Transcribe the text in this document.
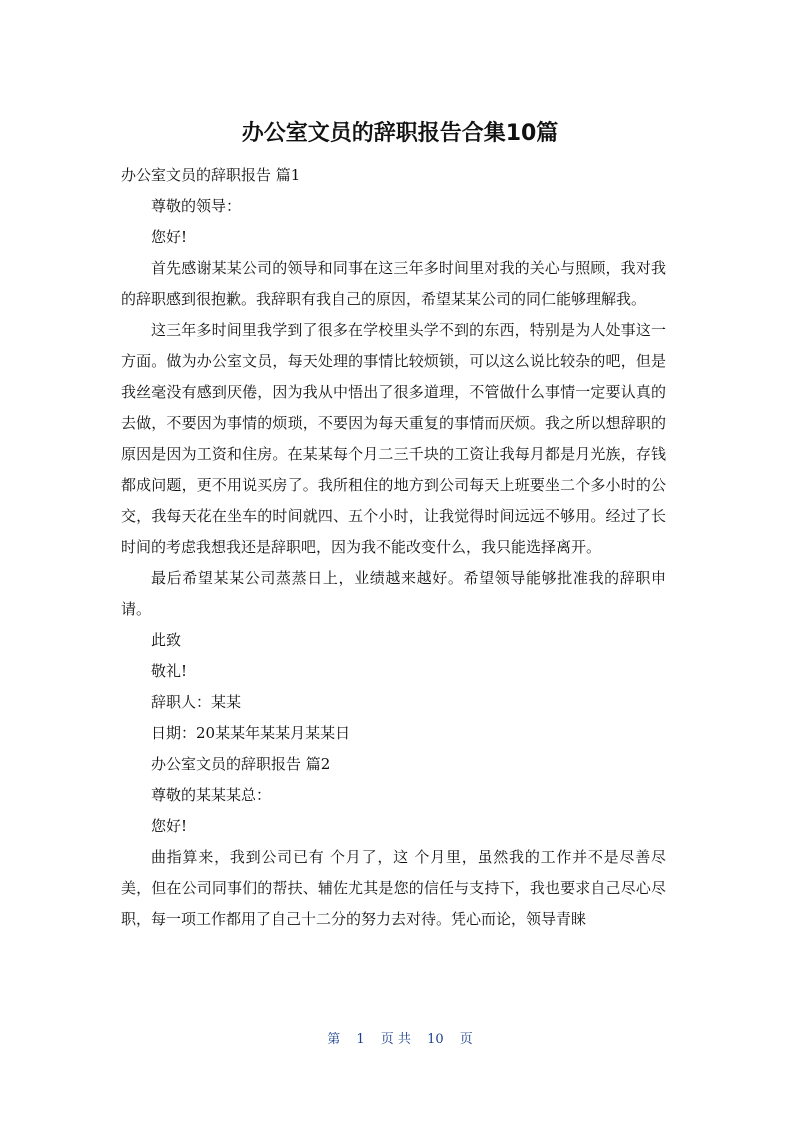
办公室文员的辞职报告合集10篇

办公室文员的辞职报告 篇1

尊敬的领导：

您好!

首先感谢某某公司的领导和同事在这三年多时间里对我的关心与照顾，我对我的辞职感到很抱歉。我辞职有我自己的原因，希望某某公司的同仁能够理解我。

这三年多时间里我学到了很多在学校里头学不到的东西，特别是为人处事这一方面。做为办公室文员，每天处理的事情比较烦锁，可以这么说比较杂的吧，但是我丝毫没有感到厌倦，因为我从中悟出了很多道理，不管做什么事情一定要认真的去做，不要因为事情的烦琐，不要因为每天重复的事情而厌烦。我之所以想辞职的原因是因为工资和住房。在某某每个月二三千块的工资让我每月都是月光族，存钱都成问题，更不用说买房了。我所租住的地方到公司每天上班要坐二个多小时的公交，我每天花在坐车的时间就四、五个小时，让我觉得时间远远不够用。经过了长时间的考虑我想我还是辞职吧，因为我不能改变什么，我只能选择离开。

最后希望某某公司蒸蒸日上，业绩越来越好。希望领导能够批准我的辞职申请。

此致

敬礼!

辞职人：某某

日期：20某某年某某月某某日

办公室文员的辞职报告 篇2

尊敬的某某某总：

您好!

曲指算来，我到公司已有 个月了，这 个月里，虽然我的工作并不是尽善尽美，但在公司同事们的帮扶、辅佐尤其是您的信任与支持下，我也要求自己尽心尽职，每一项工作都用了自己十二分的努力去对待。凭心而论，领导青睐

第 1 页 共 10 页
